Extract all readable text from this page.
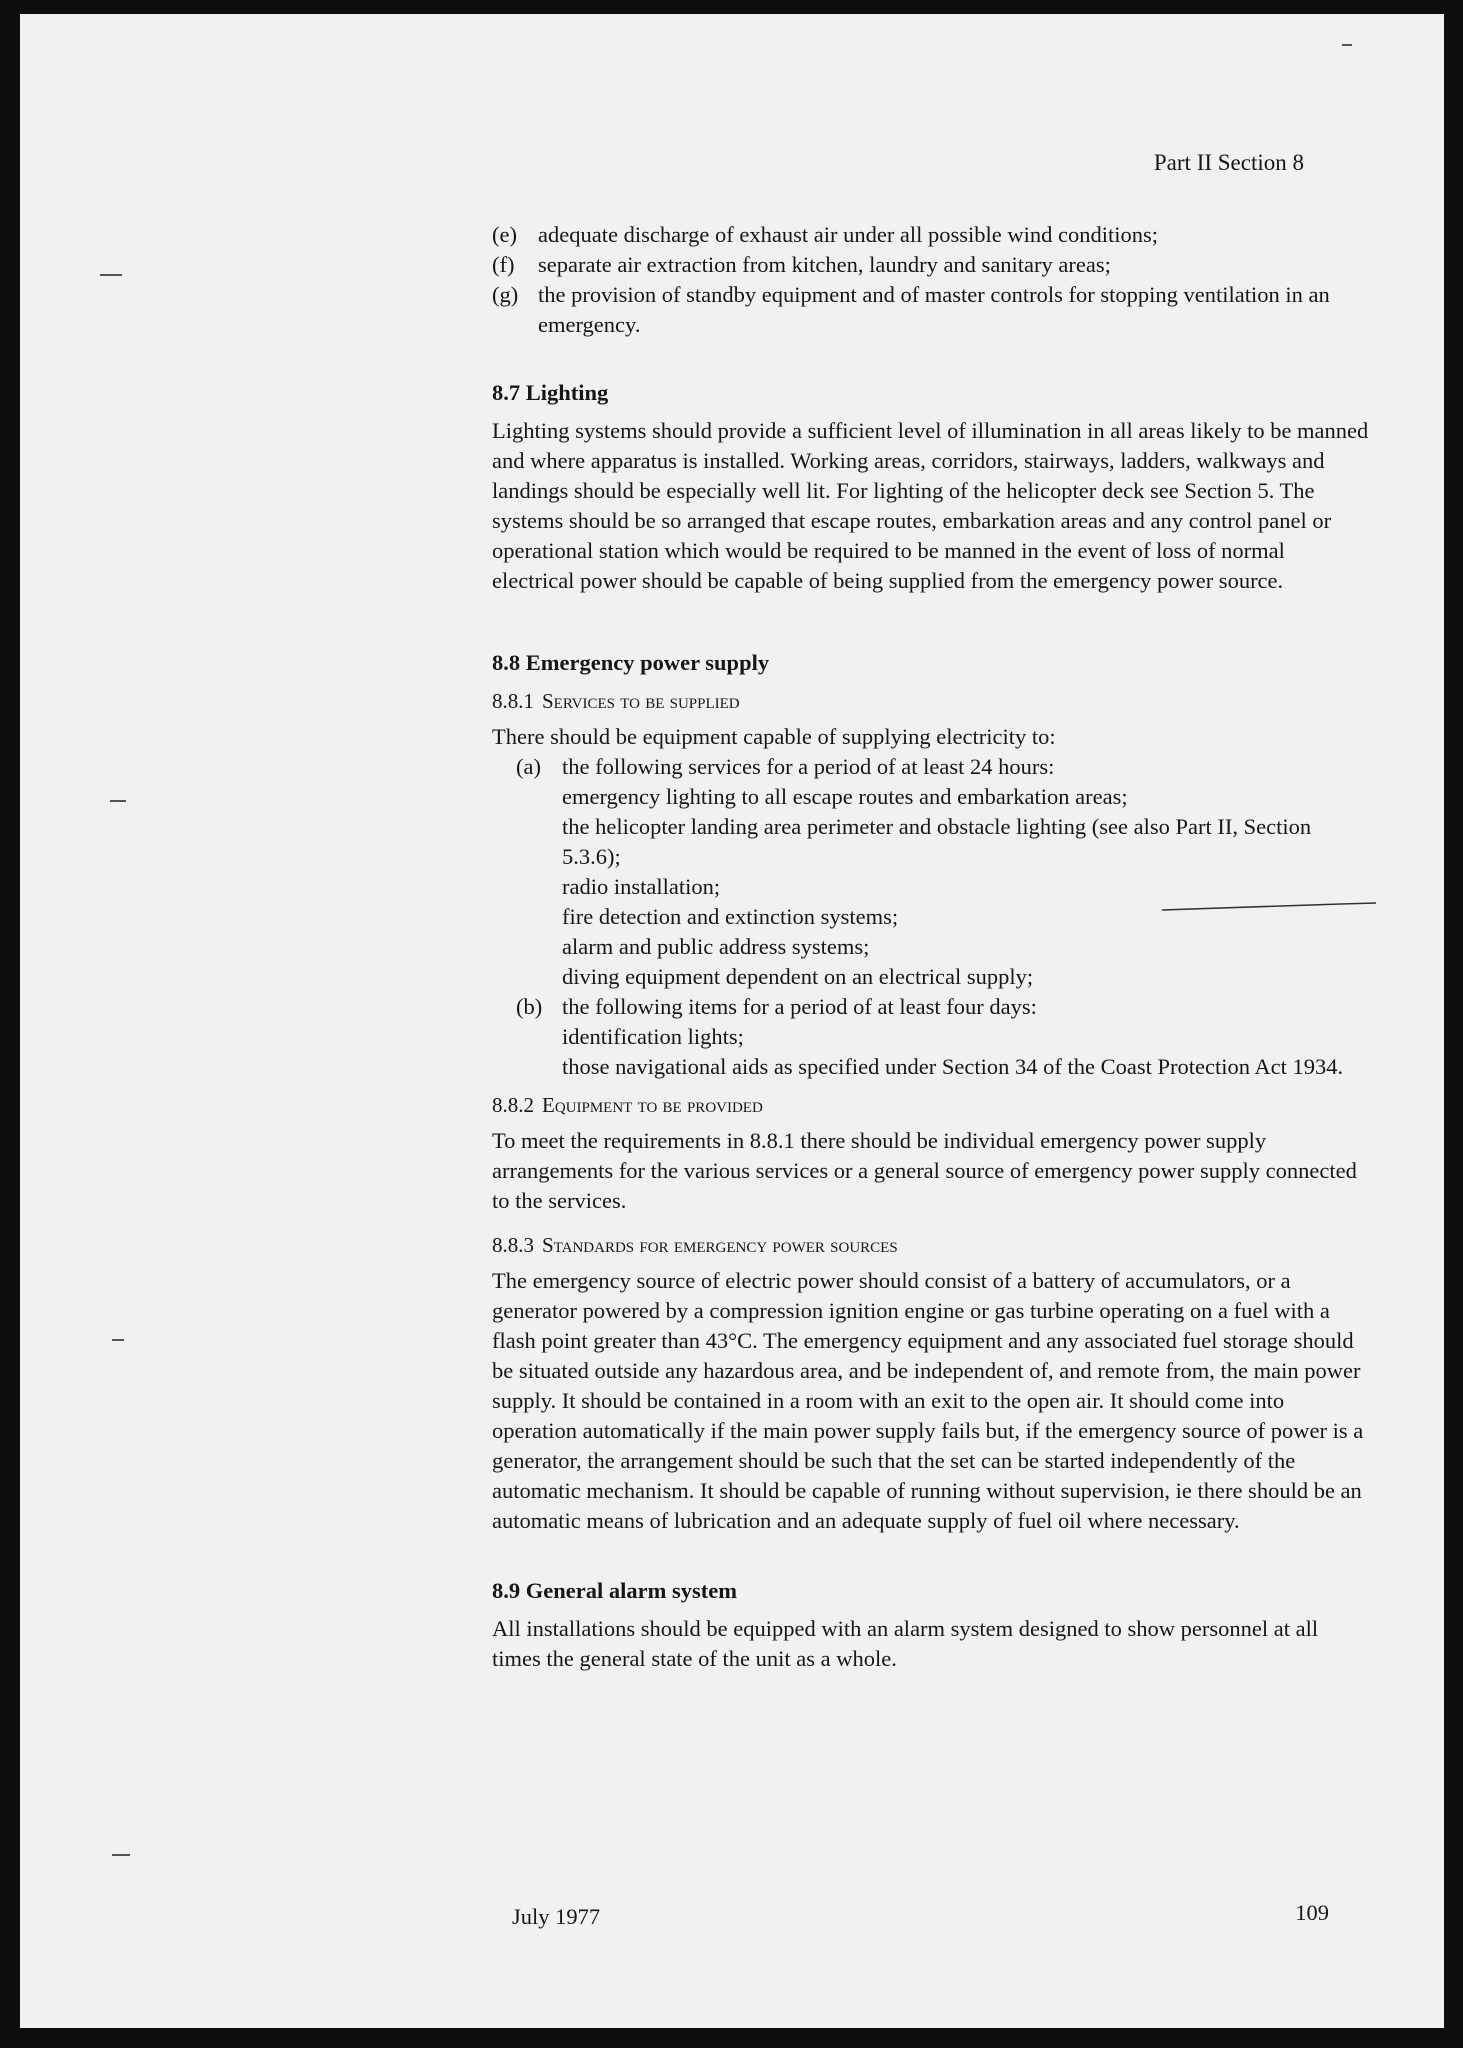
Part II Section 8
(e) adequate discharge of exhaust air under all possible wind conditions;
(f)	separate air extraction from kitchen, laundry and sanitary areas;
(g) the provision of standby equipment and of master controls for stopping ventilation in an emergency.
8.7 Lighting

Lighting systems should provide a sufficient level of illumination in all areas likely to be manned and where apparatus is installed. Working areas, corridors, stairways, ladders, walkways and landings should be especially well lit. For lighting of the helicopter deck see Section 5. The systems should be so arranged that escape routes, embarkation areas and any control panel or operational station which would be required to be manned in the event of loss of normal electrical power should be capable of being supplied from the emergency power source.

8.8 Emergency power supply
8.8.1 Services to be supplied

There should be equipment capable of supplying electricity to:

(a) the following services for a period of at least 24 hours:
emergency lighting to all escape routes and embarkation areas;
the helicopter landing area perimeter and obstacle lighting (see also Part II, Section 5.3.6);
radio installation;
fire detection and extinction systems;
alarm and public address systems;
diving equipment dependent on an electrical supply;
(b) the following items for a period of at least four days:
identification lights;
those navigational aids as specified under Section 34 of the Coast Protection Act 1934.
8.8.2 Equipment to be provided

To meet the requirements in 8.8.1 there should be individual emergency power supply arrangements for the various services or a general source of emergency power supply connected to the services.

8.8.3 Standards for emergency power sources

The emergency source of electric power should consist of a battery of accumulators, or a generator powered by a compression ignition engine or gas turbine operating on a fuel with a flash point greater than 43°C. The emergency equipment and any associated fuel storage should be situated outside any hazardous area, and be independent of, and remote from, the main power supply. It should be contained in a room with an exit to the open air. It should come into operation automatically if the main power supply fails but, if the emergency source of power is a generator, the arrangement should be such that the set can be started independently of the automatic mechanism. It should be capable of running without supervision, ie there should be an automatic means of lubrication and an adequate supply of fuel oil where necessary.

8.9 General alarm system

All installations should be equipped with an alarm system designed to show personnel at all times the general state of the unit as a whole.

July 1977	109
